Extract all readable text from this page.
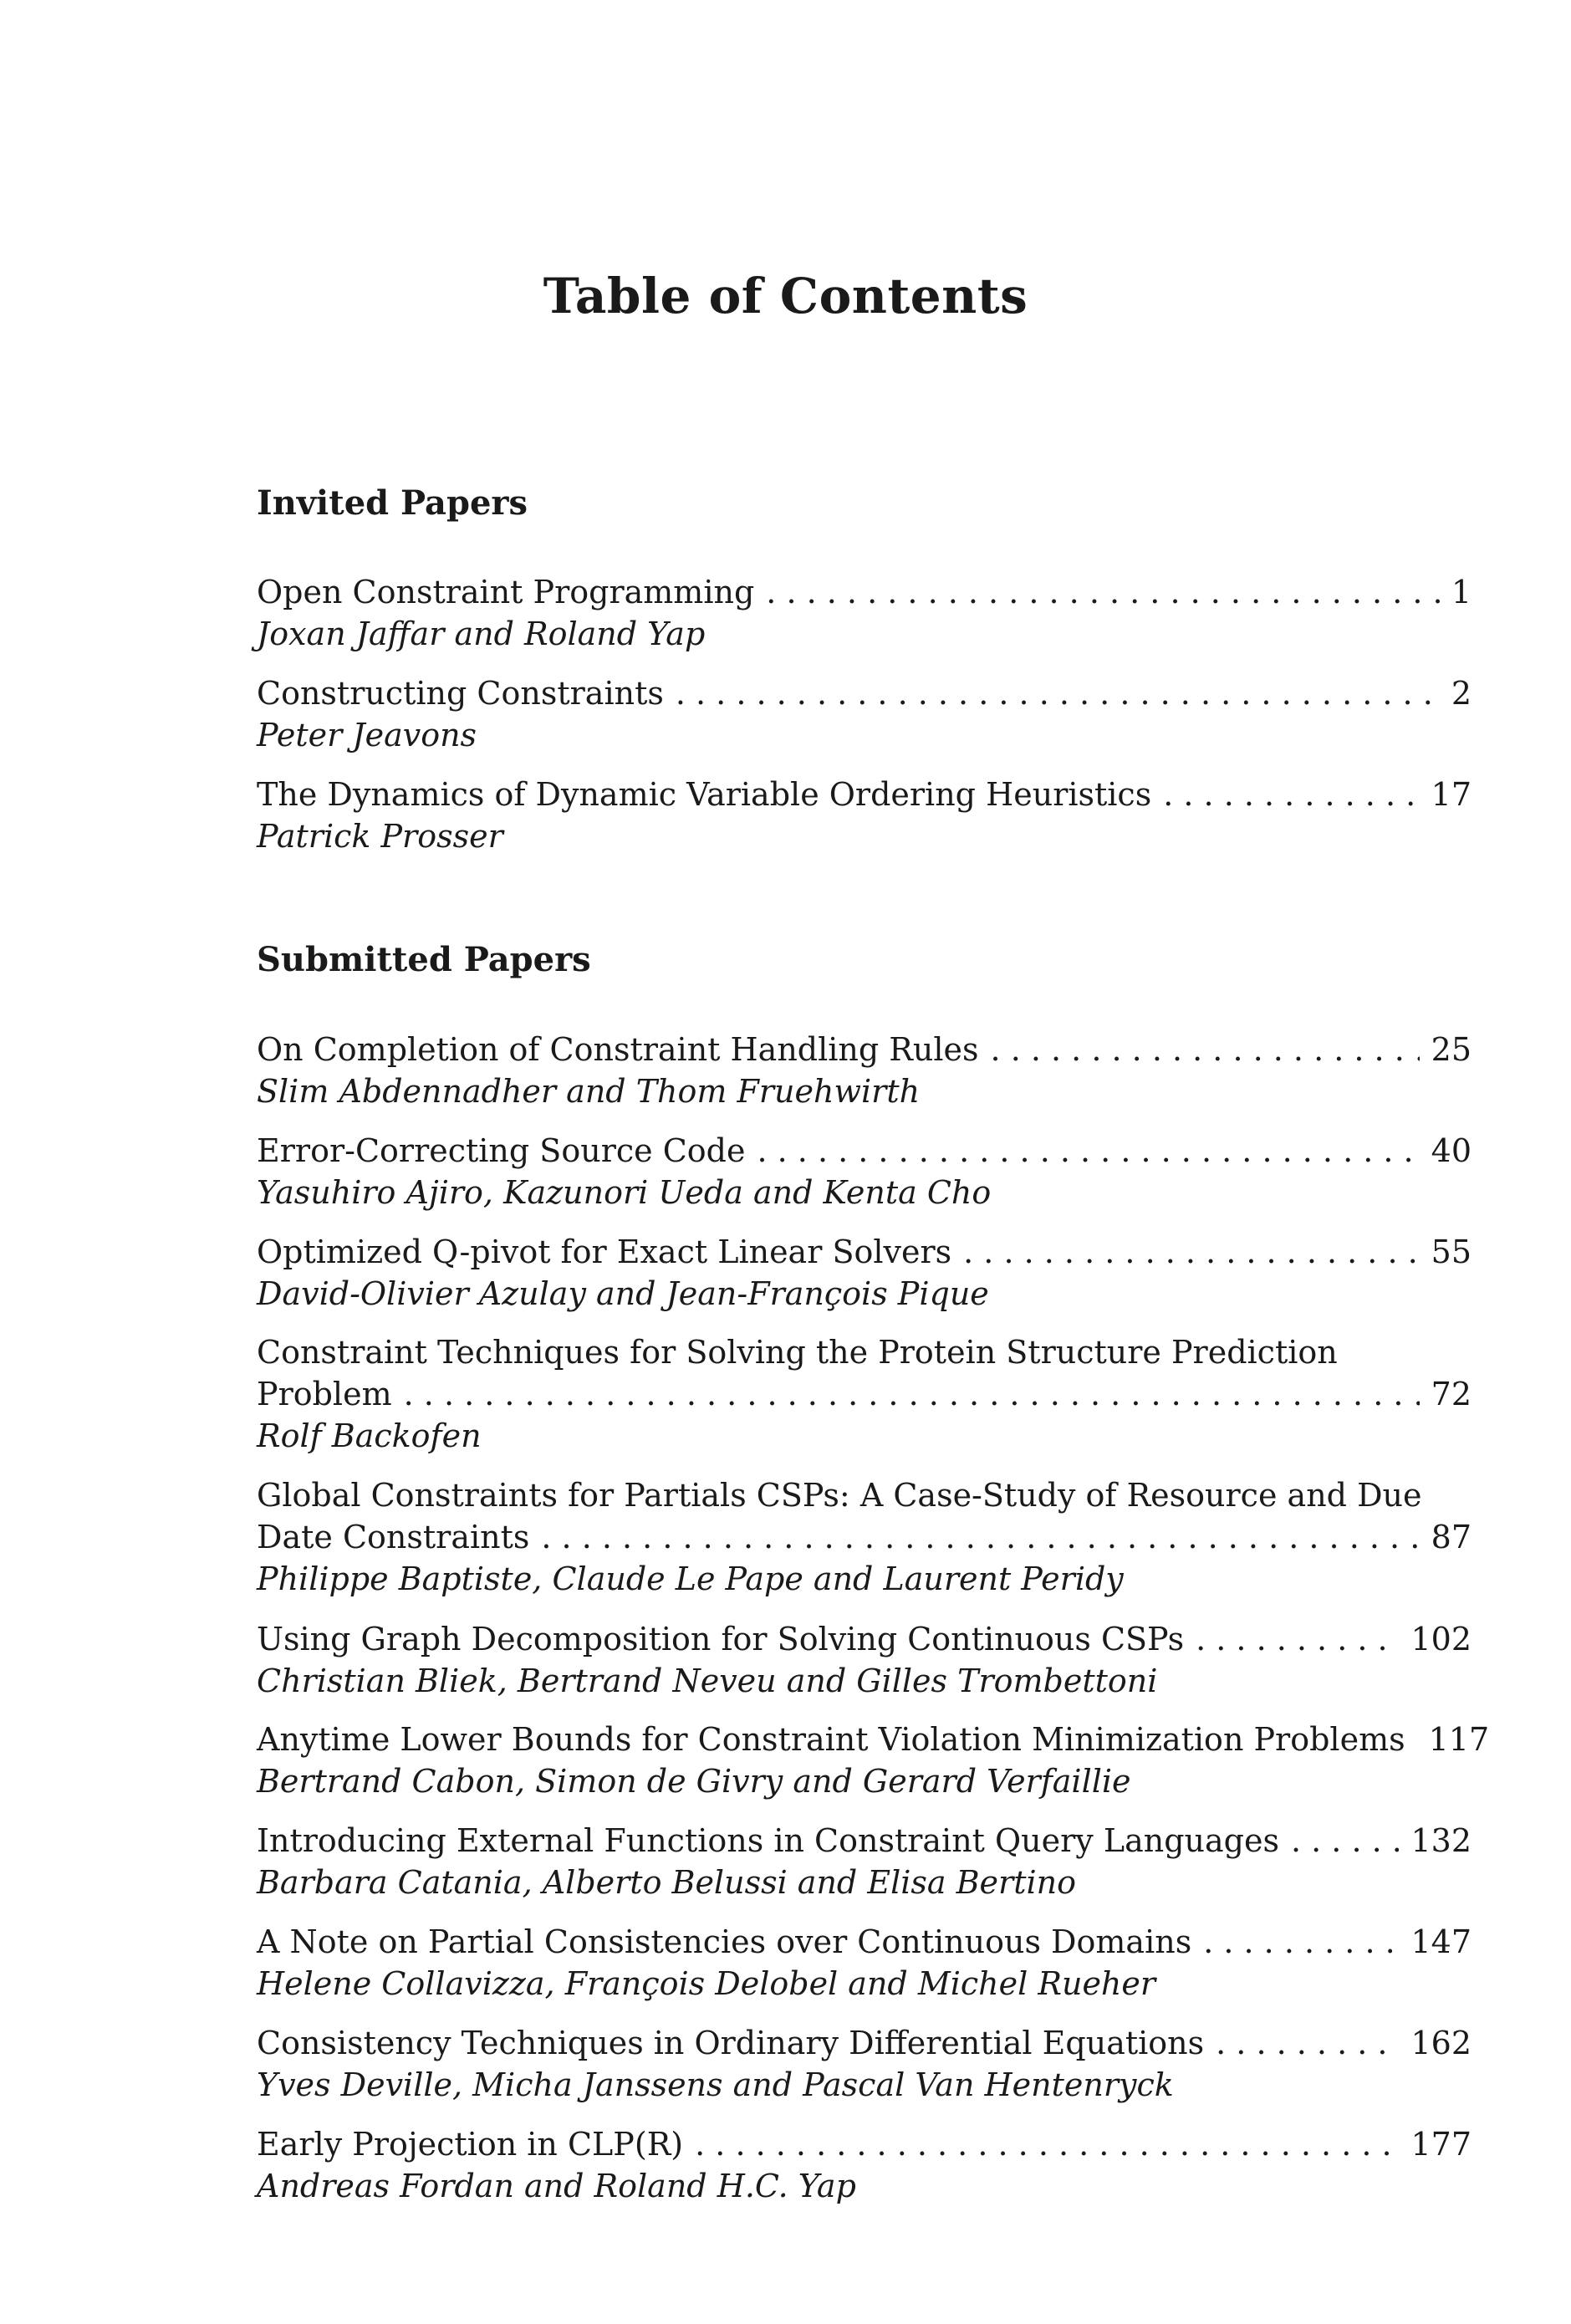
Table of Contents
Invited Papers
Open Constraint Programming . . .	1
Joxan Jaffar and Roland Yap
Constructing Constraints . . .	2
Peter Jeavons
The Dynamics of Dynamic Variable Ordering Heuristics . . .	17
Patrick Prosser
Submitted Papers
On Completion of Constraint Handling Rules . . .	25
Slim Abdennadher and Thom Fruehwirth
Error-Correcting Source Code . . .	40
Yasuhiro Ajiro, Kazunori Ueda and Kenta Cho
Optimized Q-pivot for Exact Linear Solvers . . .	55
David-Olivier Azulay and Jean-François Pique
Constraint Techniques for Solving the Protein Structure Prediction
Problem . . .	72
Rolf Backofen
Global Constraints for Partials CSPs: A Case-Study of Resource and Due
Date Constraints . . .	87
Philippe Baptiste, Claude Le Pape and Laurent Peridy
Using Graph Decomposition for Solving Continuous CSPs . . .	102
Christian Bliek, Bertrand Neveu and Gilles Trombettoni
Anytime Lower Bounds for Constraint Violation Minimization Problems 117
Bertrand Cabon, Simon de Givry and Gerard Verfaillie
Introducing External Functions in Constraint Query Languages . . .	132
Barbara Catania, Alberto Belussi and Elisa Bertino
A Note on Partial Consistencies over Continuous Domains . . .	147
Helene Collavizza, François Delobel and Michel Rueher
Consistency Techniques in Ordinary Differential Equations . . .	162
Yves Deville, Micha Janssens and Pascal Van Hentenryck
Early Projection in CLP(R) . . .	177
Andreas Fordan and Roland H.C. Yap
